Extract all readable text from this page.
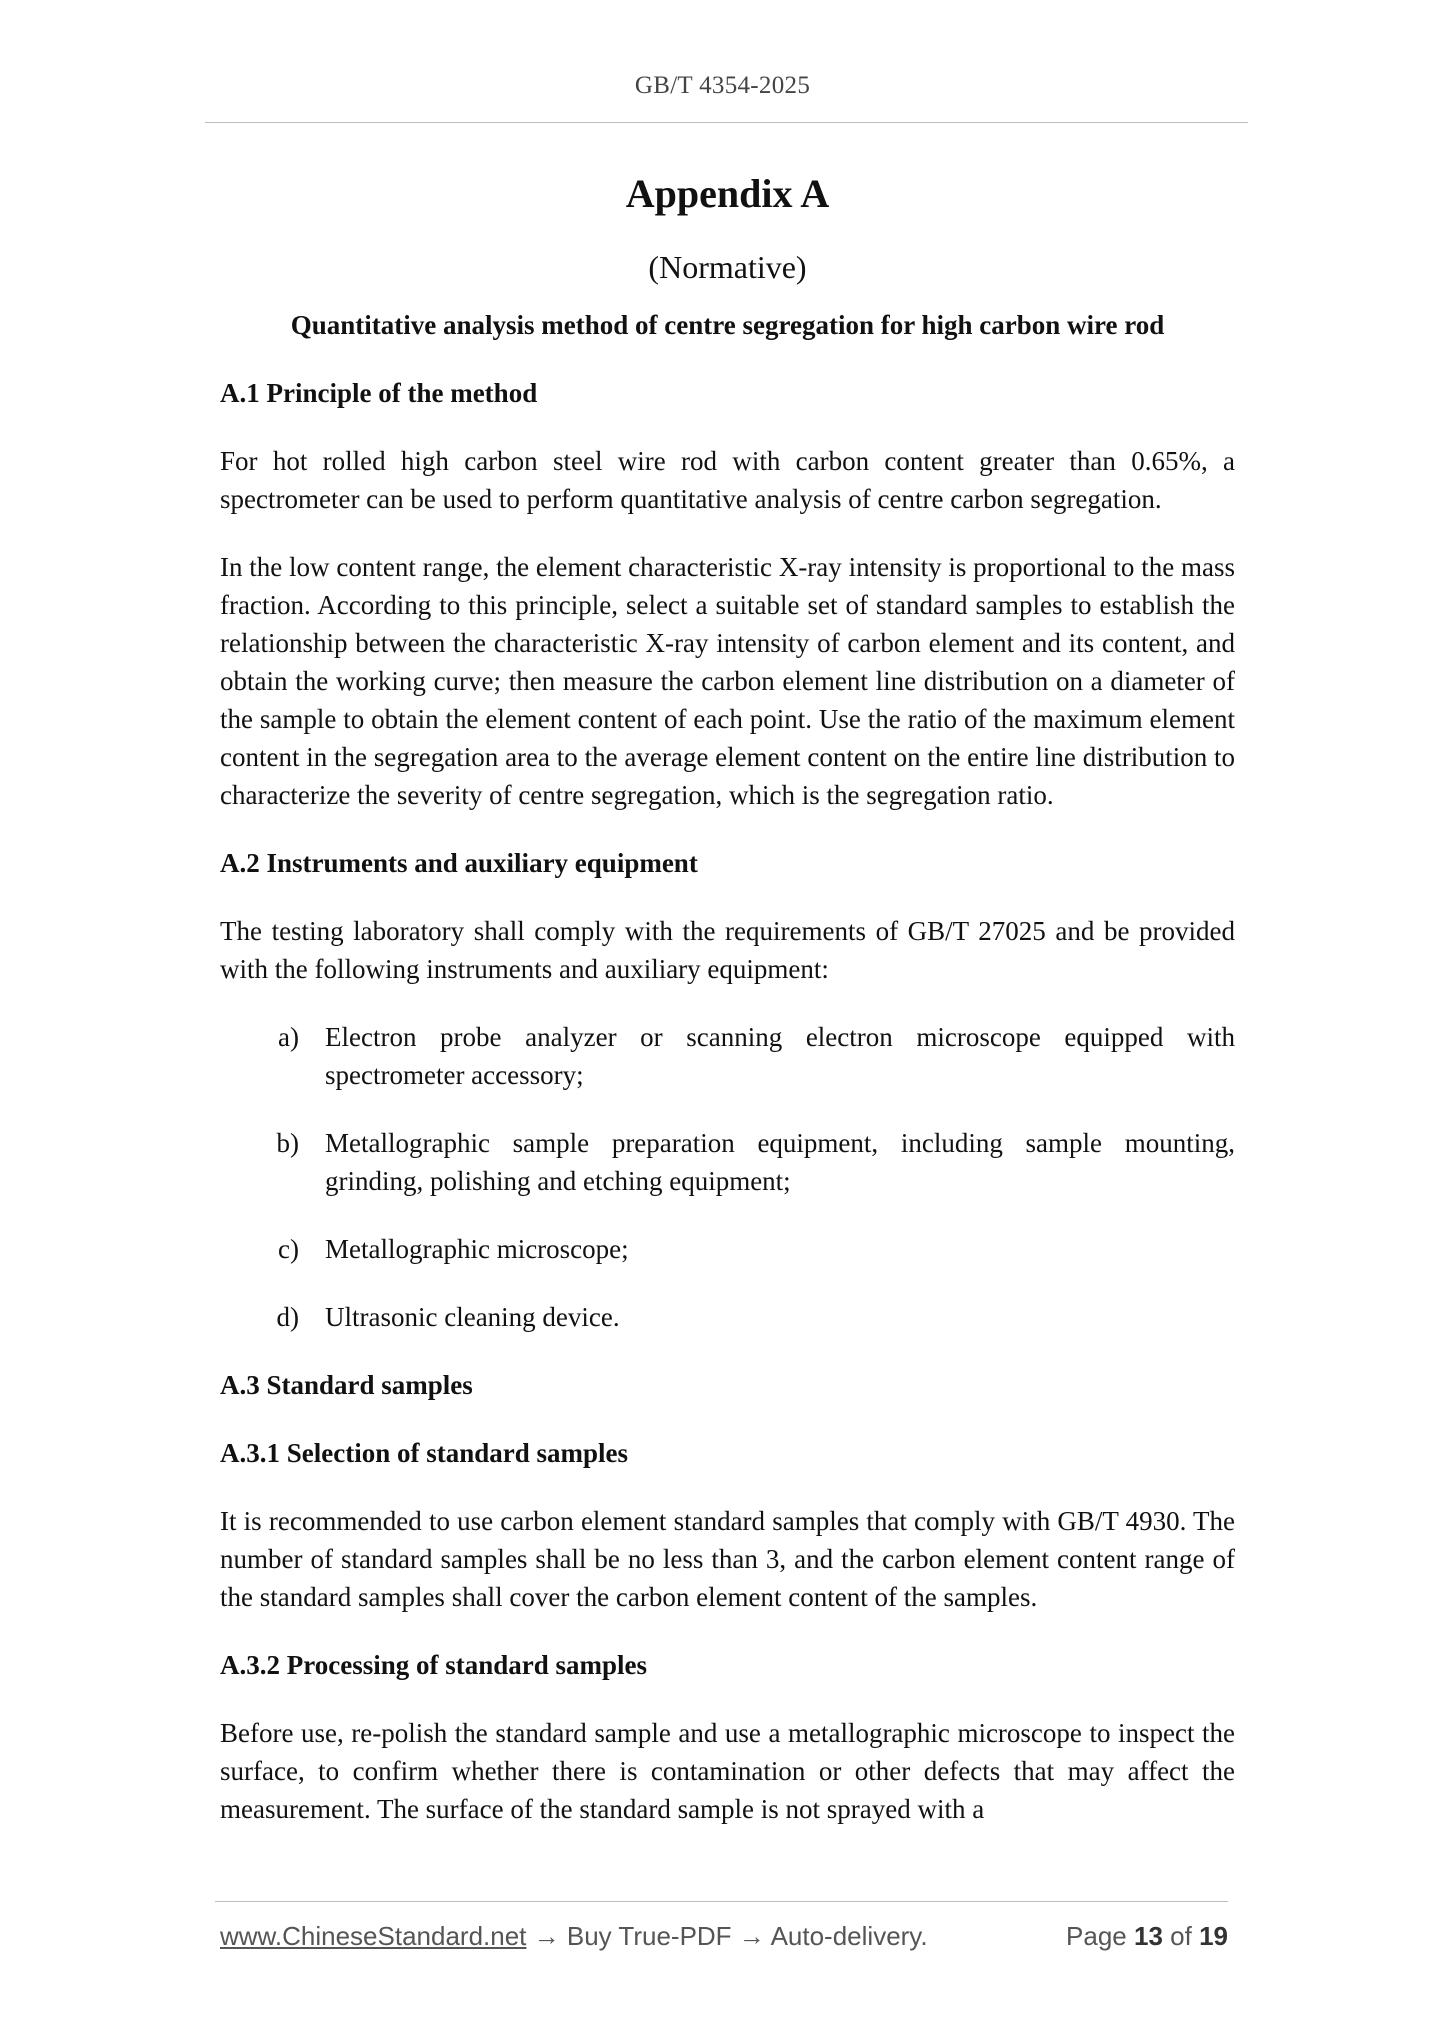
GB/T 4354-2025
Appendix A
(Normative)
Quantitative analysis method of centre segregation for high carbon wire rod
A.1 Principle of the method

For hot rolled high carbon steel wire rod with carbon content greater than 0.65%, a spectrometer can be used to perform quantitative analysis of centre carbon segregation.

In the low content range, the element characteristic X-ray intensity is proportional to the mass fraction. According to this principle, select a suitable set of standard samples to establish the relationship between the characteristic X-ray intensity of carbon element and its content, and obtain the working curve; then measure the carbon element line distribution on a diameter of the sample to obtain the element content of each point. Use the ratio of the maximum element content in the segregation area to the average element content on the entire line distribution to characterize the severity of centre segregation, which is the segregation ratio.

A.2 Instruments and auxiliary equipment

The testing laboratory shall comply with the requirements of GB/T 27025 and be provided with the following instruments and auxiliary equipment:

a) Electron probe analyzer or scanning electron microscope equipped with spectrometer accessory;
b) Metallographic sample preparation equipment, including sample mounting, grinding, polishing and etching equipment;
c) Metallographic microscope;
d) Ultrasonic cleaning device.
A.3 Standard samples
A.3.1 Selection of standard samples

It is recommended to use carbon element standard samples that comply with GB/T 4930. The number of standard samples shall be no less than 3, and the carbon element content range of the standard samples shall cover the carbon element content of the samples.

A.3.2 Processing of standard samples

Before use, re-polish the standard sample and use a metallographic microscope to inspect the surface, to confirm whether there is contamination or other defects that may affect the measurement. The surface of the standard sample is not sprayed with a

www.ChineseStandard.net → Buy True-PDF → Auto-delivery.	Page 13 of 19
